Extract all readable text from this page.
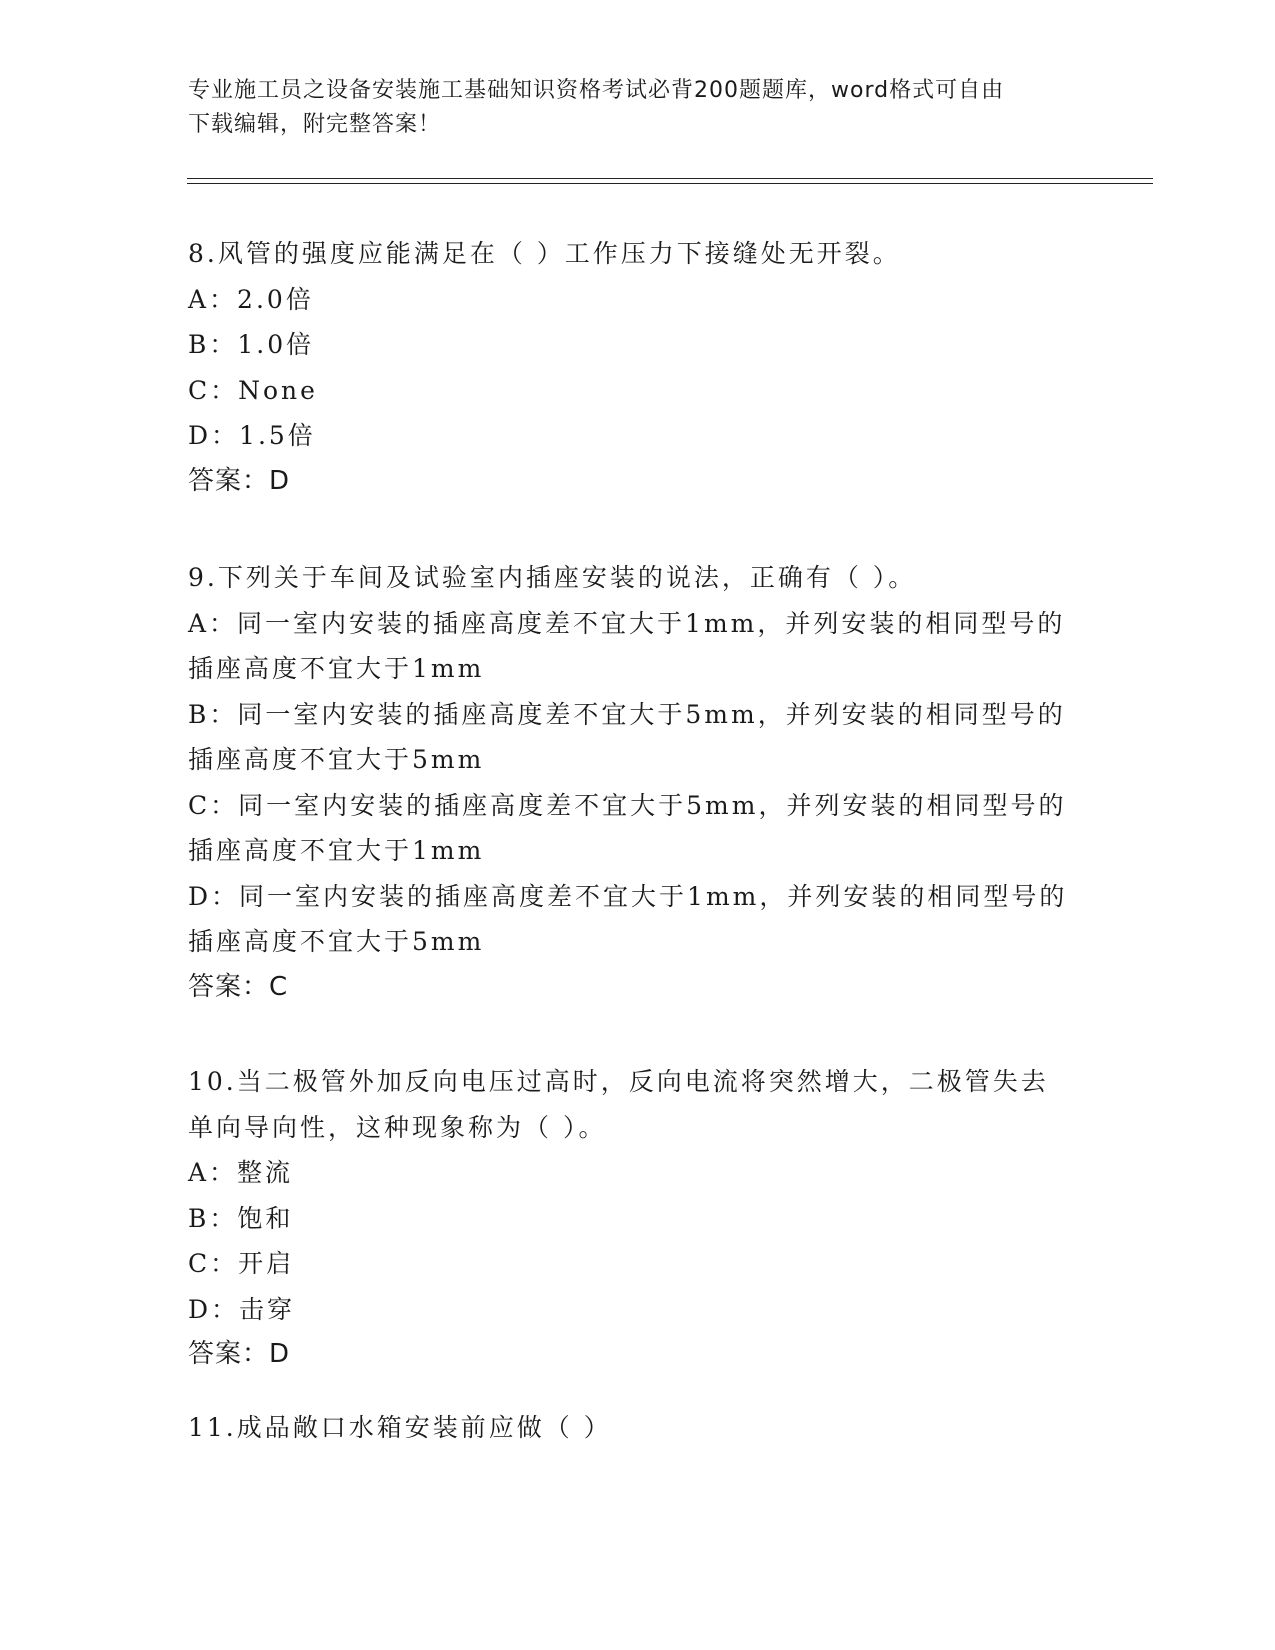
专业施工员之设备安装施工基础知识资格考试必背200题题库，word格式可自由
下载编辑，附完整答案！
8.风管的强度应能满足在（ ）工作压力下接缝处无开裂。
A：2.0倍
B：1.0倍
C：None
D：1.5倍
答案：D
9.下列关于车间及试验室内插座安装的说法，正确有（ ）。
A：同一室内安装的插座高度差不宜大于1mm，并列安装的相同型号的
插座高度不宜大于1mm
B：同一室内安装的插座高度差不宜大于5mm，并列安装的相同型号的
插座高度不宜大于5mm
C：同一室内安装的插座高度差不宜大于5mm，并列安装的相同型号的
插座高度不宜大于1mm
D：同一室内安装的插座高度差不宜大于1mm，并列安装的相同型号的
插座高度不宜大于5mm
答案：C
10.当二极管外加反向电压过高时，反向电流将突然增大，二极管失去
单向导向性，这种现象称为（ ）。
A：整流
B：饱和
C：开启
D：击穿
答案：D
11.成品敞口水箱安装前应做（ ）
